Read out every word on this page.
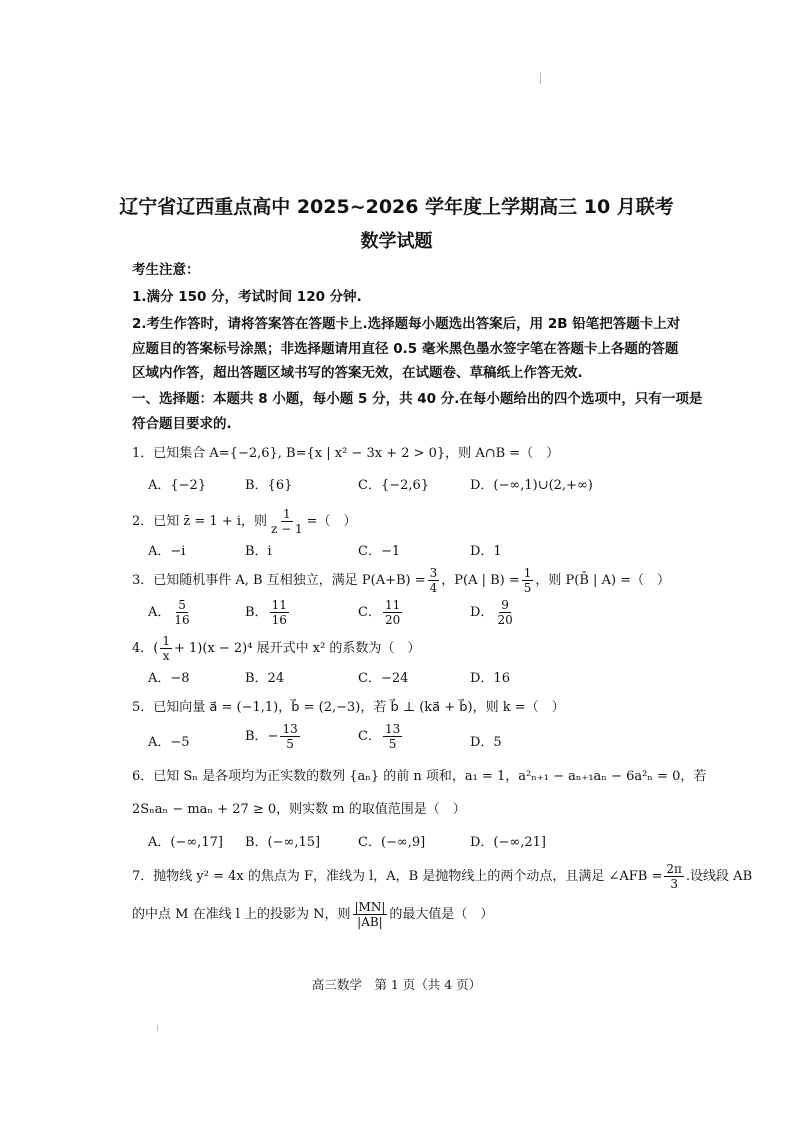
辽宁省辽西重点高中 2025~2026 学年度上学期高三 10 月联考
数学试题
考生注意：
1.满分 150 分，考试时间 120 分钟.
2.考生作答时，请将答案答在答题卡上.选择题每小题选出答案后，用 2B 铅笔把答题卡上对
应题目的答案标号涂黑；非选择题请用直径 0.5 毫米黑色墨水签字笔在答题卡上各题的答题
区域内作答，超出答题区域书写的答案无效，在试题卷、草稿纸上作答无效.
一、选择题：本题共 8 小题，每小题 5 分，共 40 分.在每小题给出的四个选项中，只有一项是
符合题目要求的.
1．已知集合 A={−2,6}, B={x | x² − 3x + 2 > 0}，则 A∩B =（　）
A．{−2}	B．{6}	C．{−2,6}	D．(−∞,1)∪(2,+∞)
2．已知 z̄ = 1 + i，则 $\frac{1}{z - 1}$ =（　）
A．−i	B．i	C．−1	D．1
3．已知随机事件 A, B 互相独立，满足 $P(A+B) = \frac{3}{4}$ ，P(A | $B) = \frac{1}{5}$ ，则 P(B̄ | A) =（　）
A． $\frac{5}{16}$	B． $\frac{11}{16}$	C． $\frac{11}{20}$	D． $\frac{9}{20}$
4．( $\frac{1}{x} + 1)(x - 2)^4$ 展开式中 x² 的系数为（　）
A．−8	B．24	C．−24	D．16
5．已知向量 a⃗ = (−1,1)，b⃗ = (2,−3)，若 b⃗ ⊥ (ka⃗ + b⃗)，则 k =（　）
A．−5	B．− $\frac{13}{5}$	C． $\frac{13}{5}$	D．5
6．已知 Sₙ 是各项均为正实数的数列 {aₙ} 的前 n 项和，a₁ = 1，a²ₙ₊₁ − aₙ₊₁aₙ − 6a²ₙ = 0，若
2Sₙaₙ − maₙ + 27 ≥ 0，则实数 m 的取值范围是（　）
A．(−∞,17] B．(−∞,15]	C．(−∞,9]	D．(−∞,21]
7．抛物线 y² = 4x 的焦点为 F，准线为 l，A，B 是抛物线上的两个动点，且满足 ∠AFB = $\frac{2\pi}{3}$ .设线段 AB
的中点 M 在准线 l 上的投影为 N，则 $\frac{|MN|}{|AB|}$ 的最大值是（　）
高三数学　第 1 页（共 4 页）
